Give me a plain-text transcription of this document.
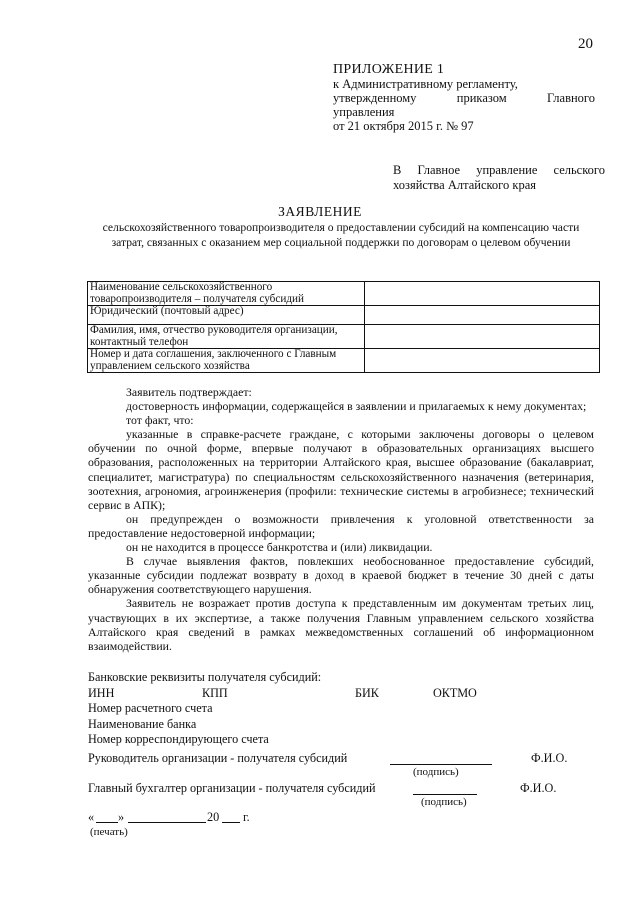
20
ПРИЛОЖЕНИЕ 1
к Административному регламенту,
утвержденному приказом Главного
управления
от 21 октября 2015 г. № 97
В Главное управление сельского
хозяйства Алтайского края
ЗАЯВЛЕНИЕ
сельскохозяйственного товаропроизводителя о предоставлении субсидий на компенсацию части затрат, связанных с оказанием мер социальной поддержки по договорам о целевом обучении
Наименование сельскохозяйственного товаропроизводителя – получателя субсидий	
Юридический (почтовый адрес)	
Фамилия, имя, отчество руководителя организации, контактный телефон	
Номер и дата соглашения, заключенного с Главным управлением сельского хозяйства	

Заявитель подтверждает:

достоверность информации, содержащейся в заявлении и прилагаемых к нему документах;

тот факт, что:

указанные в справке-расчете граждане, с которыми заключены договоры о целевом обучении по очной форме, впервые получают в образовательных организациях высшего образования, расположенных на территории Алтайского края, высшее образование (бакалавриат, специалитет, магистратура) по специальностям сельскохозяйственного назначения (ветеринария, зоотехния, агрономия, агроинженерия (профили: технические системы в агробизнесе; технический сервис в АПК);

он предупрежден о возможности привлечения к уголовной ответственности за предоставление недостоверной информации;

он не находится в процессе банкротства и (или) ликвидации.

В случае выявления фактов, повлекших необоснованное предоставление субсидий, указанные субсидии подлежат возврату в доход в краевой бюджет в течение 30 дней с даты обнаружения соответствующего нарушения.

Заявитель не возражает против доступа к представленным им документам третьих лиц, участвующих в их экспертизе, а также получения Главным управлением сельского хозяйства Алтайского края сведений в рамках межведомственных соглашений об информационном взаимодействии.

Банковские реквизиты получателя субсидий:
ИНН	КПП	БИК	ОКТМО
Номер расчетного счета
Наименование банка
Номер корреспондирующего счета
Руководитель организации - получателя субсидий	Ф.И.О.
(подпись)
Главный бухгалтер организации - получателя субсидий	Ф.И.О.
(подпись)
« »	20 г.
(печать)
